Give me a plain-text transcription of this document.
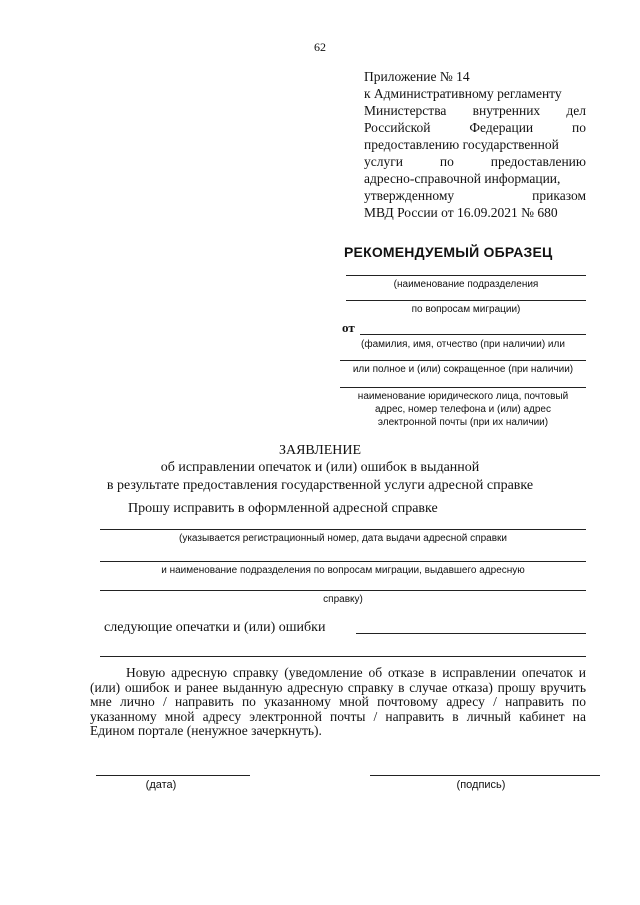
62
Приложение № 14
к Административному регламенту
Министерства внутренних дел
Российской	Федерации	по
предоставлению государственной
услуги	по	предоставлению
адресно-справочной информации,
утвержденному	приказом
МВД России от 16.09.2021 № 680
РЕКОМЕНДУЕМЫЙ ОБРАЗЕЦ
(наименование подразделения
по вопросам миграции)
от
(фамилия, имя, отчество (при наличии) или
или полное и (или) сокращенное (при наличии)
наименование юридического лица, почтовый
адрес, номер телефона и (или) адрес
электронной почты (при их наличии)
ЗАЯВЛЕНИЕ
об исправлении опечаток и (или) ошибок в выданной
в результате предоставления государственной услуги адресной справке
Прошу исправить в оформленной адресной справке
(указывается регистрационный номер, дата выдачи адресной справки
и наименование подразделения по вопросам миграции, выдавшего адресную
справку)
следующие опечатки и (или) ошибки
Новую адресную справку (уведомление об отказе в исправлении опечаток и (или) ошибок и ранее выданную адресную справку в случае отказа) прошу вручить мне лично / направить по указанному мной почтовому адресу / направить по указанному мной адресу электронной почты / направить в личный кабинет на Едином портале (ненужное зачеркнуть).
(дата)	(подпись)
